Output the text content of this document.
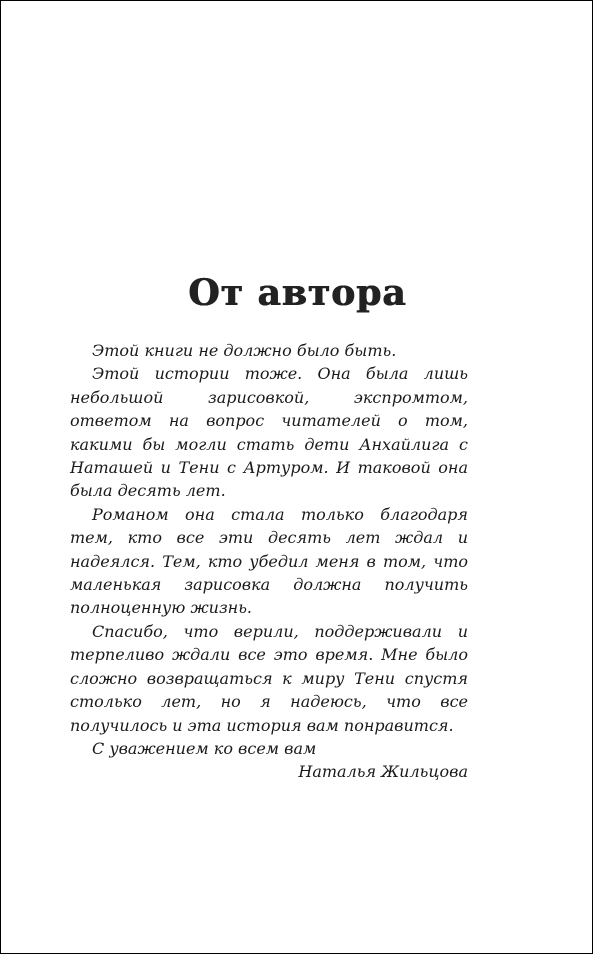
От автора

Этой книги не должно было быть.

Этой истории тоже. Она была лишь небольшой зарисовкой, экспромтом, ответом на вопрос читателей о том, какими бы могли стать дети Анхайлига с Наташей и Тени с Артуром. И таковой она была десять лет.

Романом она стала только благодаря тем, кто все эти десять лет ждал и надеялся. Тем, кто убедил меня в том, что маленькая зарисовка должна получить полноценную жизнь.

Спасибо, что верили, поддерживали и терпеливо ждали все это время. Мне было сложно возвращаться к миру Тени спустя столько лет, но я надеюсь, что все получилось и эта история вам понравится.

С уважением ко всем вам

Наталья Жильцова
